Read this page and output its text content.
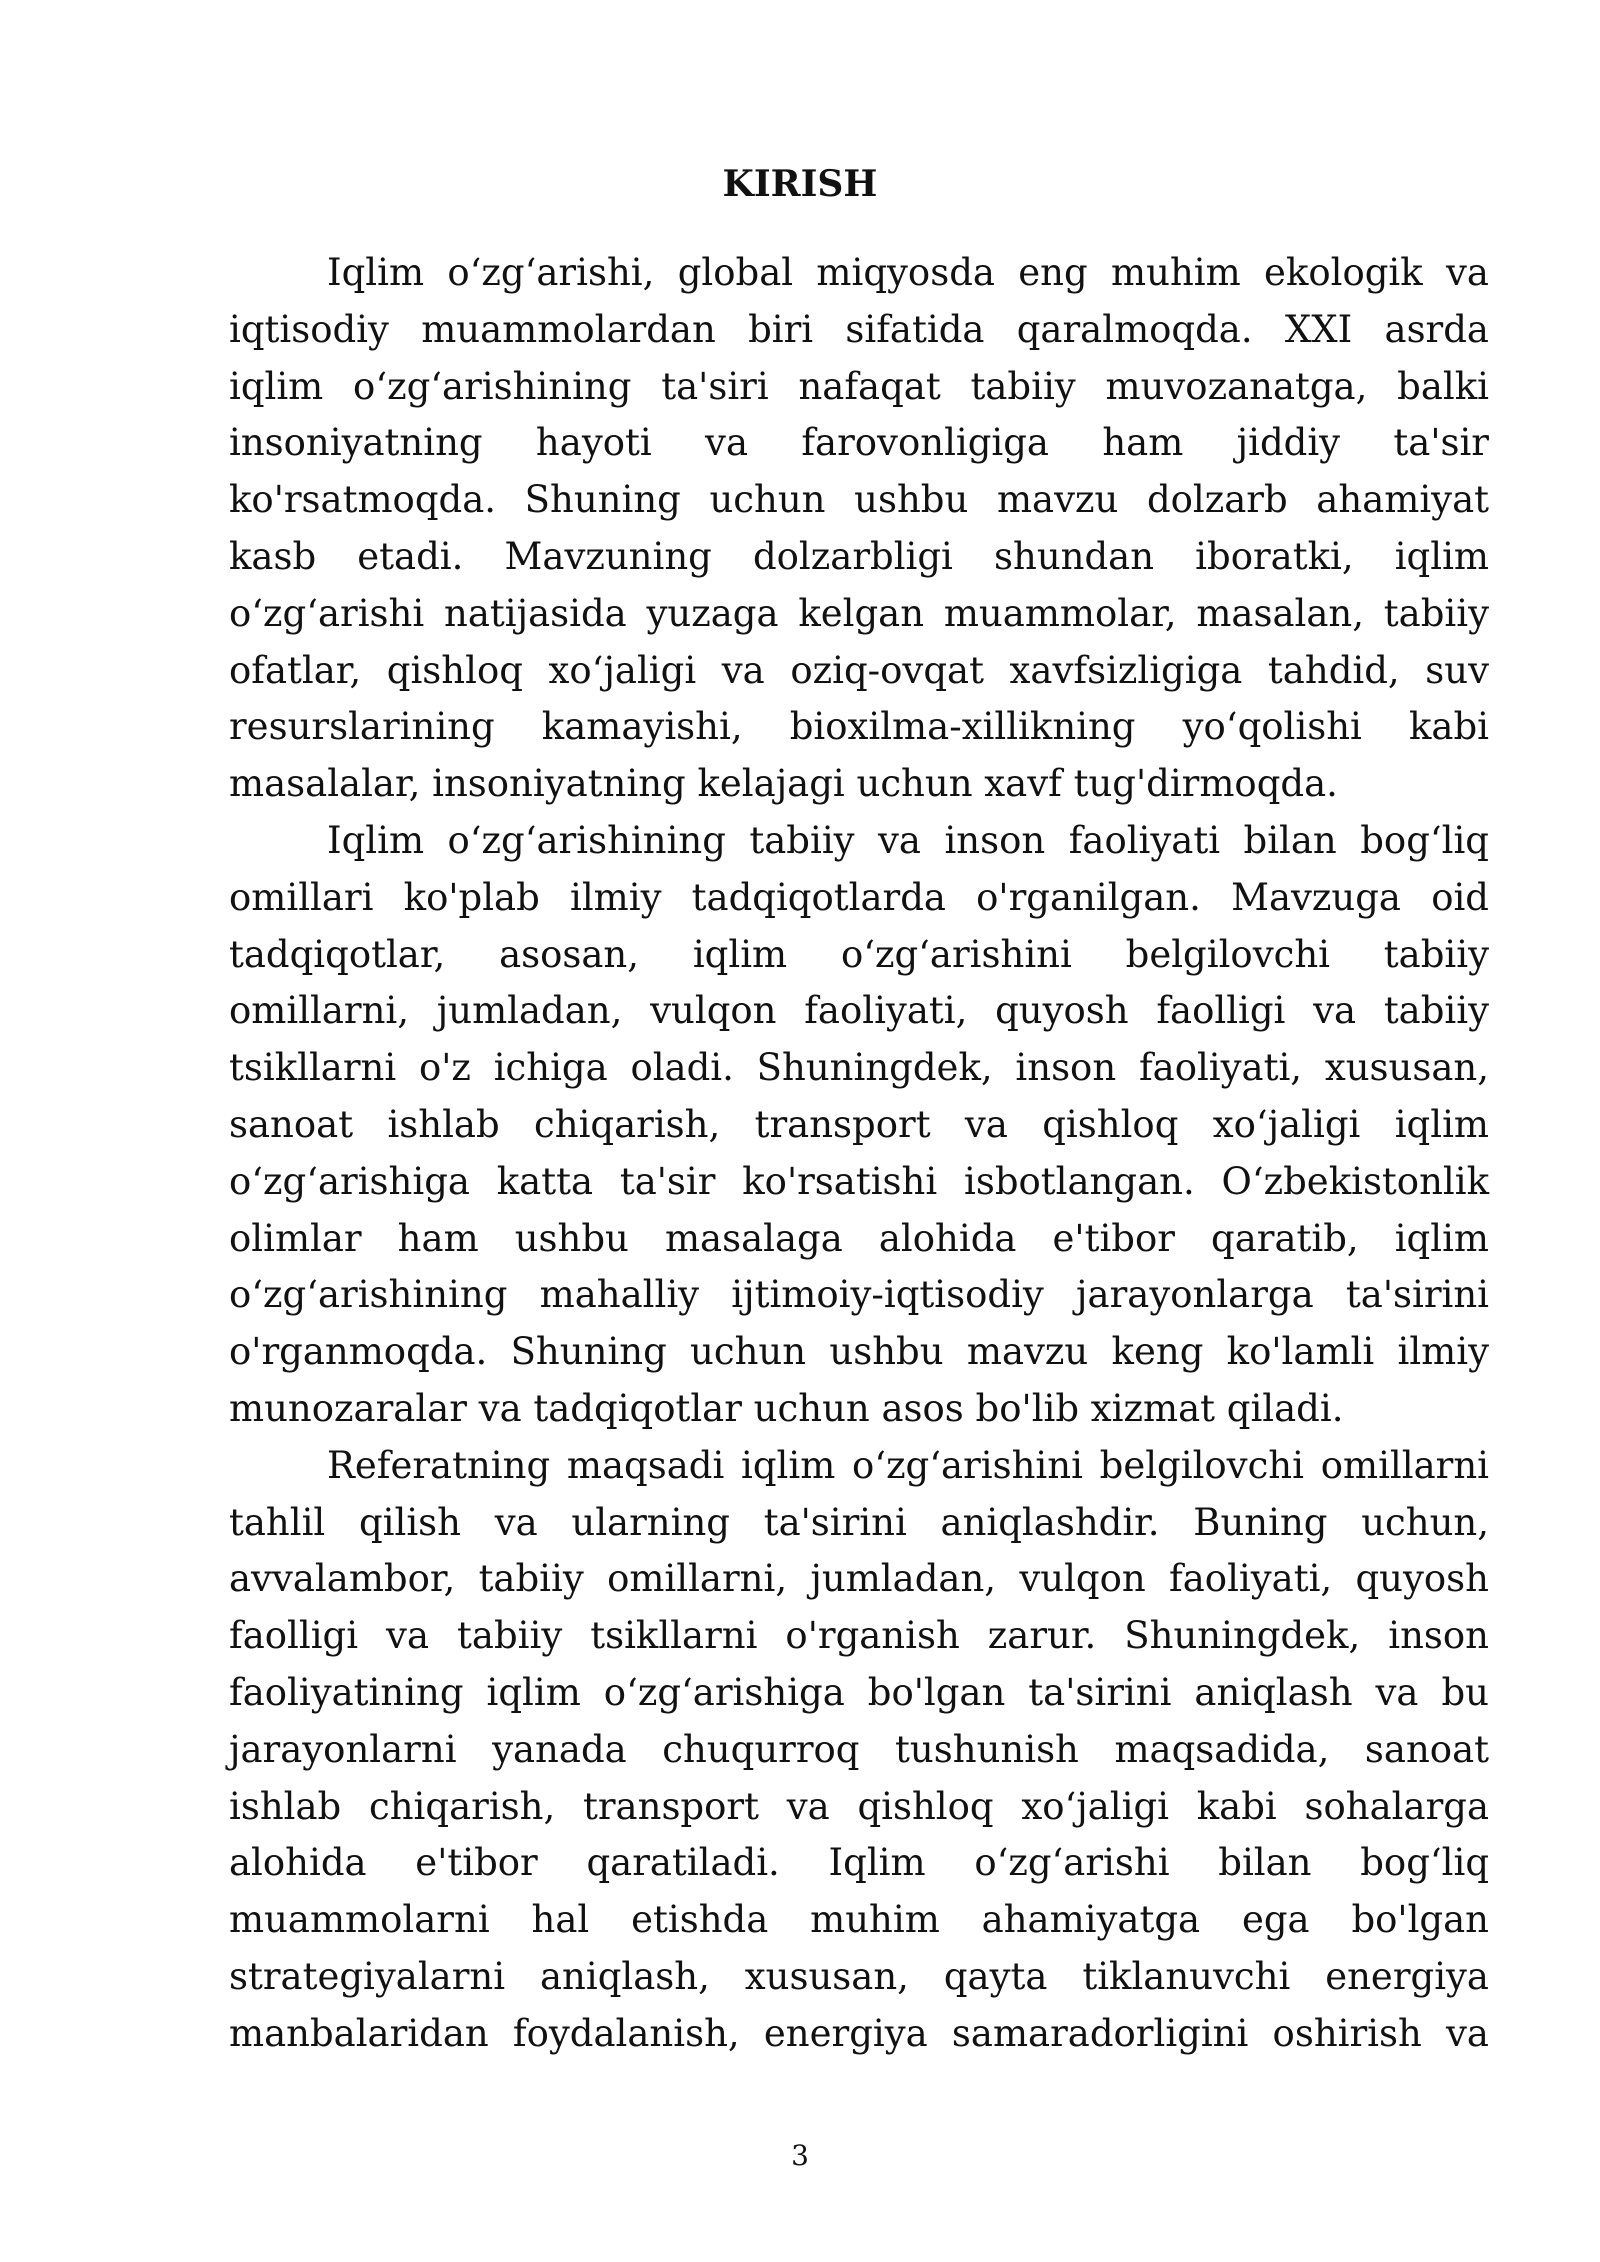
KIRISH

Iqlim o‘zg‘arishi, global miqyosda eng muhim ekologik va
iqtisodiy muammolardan biri sifatida qaralmoqda. XXI asrda
iqlim o‘zg‘arishining ta'siri nafaqat tabiiy muvozanatga, balki
insoniyatning hayoti va farovonligiga ham jiddiy ta'sir
ko'rsatmoqda. Shuning uchun ushbu mavzu dolzarb ahamiyat
kasb etadi. Mavzuning dolzarbligi shundan iboratki, iqlim
o‘zg‘arishi natijasida yuzaga kelgan muammolar, masalan, tabiiy
ofatlar, qishloq xo‘jaligi va oziq-ovqat xavfsizligiga tahdid, suv
resurslarining kamayishi, bioxilma-xillikning yo‘qolishi kabi
masalalar, insoniyatning kelajagi uchun xavf tug'dirmoqda.

Iqlim o‘zg‘arishining tabiiy va inson faoliyati bilan bog‘liq
omillari ko'plab ilmiy tadqiqotlarda o'rganilgan. Mavzuga oid
tadqiqotlar, asosan, iqlim o‘zg‘arishini belgilovchi tabiiy
omillarni, jumladan, vulqon faoliyati, quyosh faolligi va tabiiy
tsikllarni o'z ichiga oladi. Shuningdek, inson faoliyati, xususan,
sanoat ishlab chiqarish, transport va qishloq xo‘jaligi iqlim
o‘zg‘arishiga katta ta'sir ko'rsatishi isbotlangan. O‘zbekistonlik
olimlar ham ushbu masalaga alohida e'tibor qaratib, iqlim
o‘zg‘arishining mahalliy ijtimoiy-iqtisodiy jarayonlarga ta'sirini
o'rganmoqda. Shuning uchun ushbu mavzu keng ko'lamli ilmiy
munozaralar va tadqiqotlar uchun asos bo'lib xizmat qiladi.

Referatning maqsadi iqlim o‘zg‘arishini belgilovchi omillarni
tahlil qilish va ularning ta'sirini aniqlashdir. Buning uchun,
avvalambor, tabiiy omillarni, jumladan, vulqon faoliyati, quyosh
faolligi va tabiiy tsikllarni o'rganish zarur. Shuningdek, inson
faoliyatining iqlim o‘zg‘arishiga bo'lgan ta'sirini aniqlash va bu
jarayonlarni yanada chuqurroq tushunish maqsadida, sanoat
ishlab chiqarish, transport va qishloq xo‘jaligi kabi sohalarga
alohida e'tibor qaratiladi. Iqlim o‘zg‘arishi bilan bog‘liq
muammolarni hal etishda muhim ahamiyatga ega bo'lgan
strategiyalarni aniqlash, xususan, qayta tiklanuvchi energiya
manbalaridan foydalanish, energiya samaradorligini oshirish va

3
